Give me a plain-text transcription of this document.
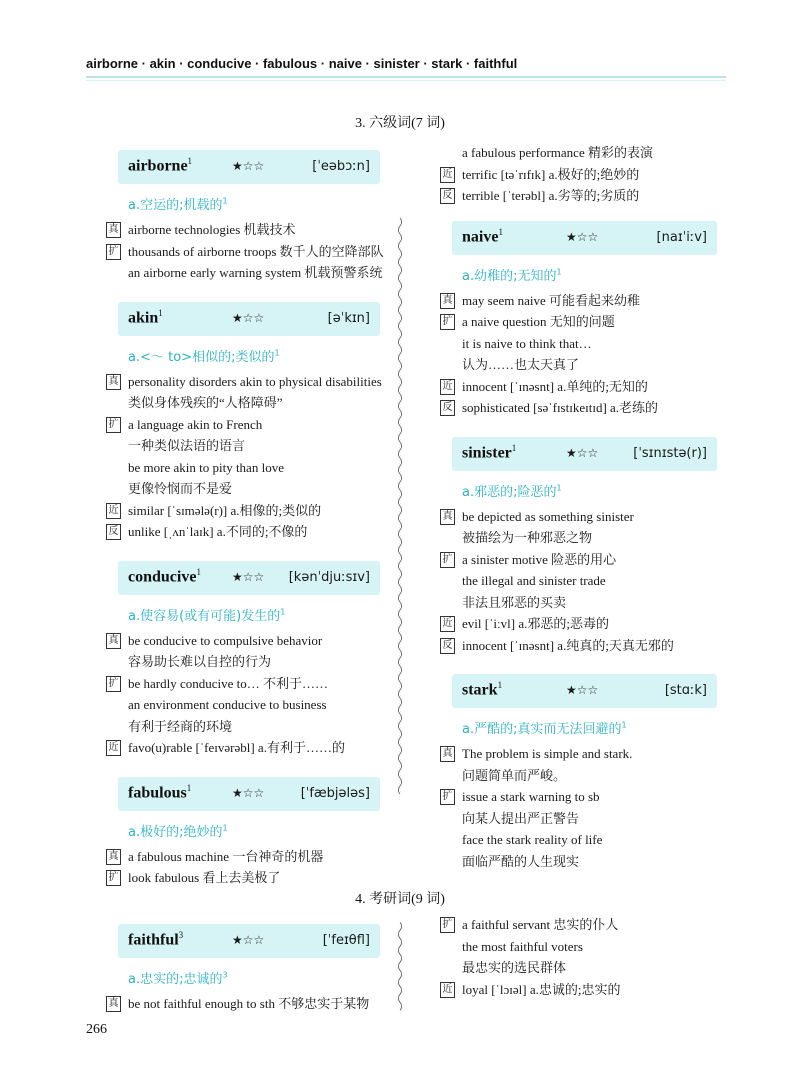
airborne · akin · conducive · fabulous · naive · sinister · stark · faithful
3. 六级词(7 词)
airborne$^1$	★☆☆	[ˈeəbɔːn]
a.空运的;机载的$^1$
真 airborne technologies 机载技术
扩 thousands of airborne troops 数千人的空降部队
an airborne early warning system 机载预警系统
akin$^1$	★☆☆	[əˈkɪn]
a.<～ to>相似的;类似的$^1$
真 personality disorders akin to physical disabilities
类似身体残疾的“人格障碍”
扩 a language akin to French
一种类似法语的语言
be more akin to pity than love
更像怜悯而不是爱
近 similar [ˈsɪmələ(r)] a.相像的;类似的
反 unlike [ˌʌnˈlaɪk] a.不同的;不像的
conducive$^1$	★☆☆ [kənˈdjuːsɪv]
a.使容易(或有可能)发生的$^1$
真 be conducive to compulsive behavior
容易助长难以自控的行为
扩 be hardly conducive to… 不利于……
an environment conducive to business
有利于经商的环境
近 favo(u)rable [ˈfeɪvərəbl] a.有利于……的
fabulous$^1$	★☆☆	[ˈfæbjələs]
a.极好的;绝妙的$^1$
真 a fabulous machine 一台神奇的机器
扩 look fabulous 看上去美极了
a fabulous performance 精彩的表演
近 terrific [təˈrɪfɪk] a.极好的;绝妙的
反 terrible [ˈterəbl] a.劣等的;劣质的
naive$^1$	★☆☆	[naɪˈiːv]
a.幼稚的;无知的$^1$
真 may seem naive 可能看起来幼稚
扩 a naive question 无知的问题
it is naive to think that…
认为……也太天真了
近 innocent [ˈɪnəsnt] a.单纯的;无知的
反 sophisticated [səˈfɪstɪkeɪtɪd] a.老练的
sinister$^1$	★☆☆	[ˈsɪnɪstə(r)]
a.邪恶的;险恶的$^1$
真 be depicted as something sinister
被描绘为一种邪恶之物
扩 a sinister motive 险恶的用心
the illegal and sinister trade
非法且邪恶的买卖
近 evil [ˈiːvl] a.邪恶的;恶毒的
反 innocent [ˈɪnəsnt] a.纯真的;天真无邪的
stark$^1$	★☆☆	[stɑːk]
a.严酷的;真实而无法回避的$^1$
真 The problem is simple and stark.
问题简单而严峻。
扩 issue a stark warning to sb
向某人提出严正警告
face the stark reality of life
面临严酷的人生现实
4. 考研词(9 词)
faithful$^3$	★☆☆	[ˈfeɪθfl]
a.忠实的;忠诚的$^3$
真 be not faithful enough to sth 不够忠实于某物
扩 a faithful servant 忠实的仆人
the most faithful voters
最忠实的选民群体
近 loyal [ˈlɔɪəl] a.忠诚的;忠实的
266
